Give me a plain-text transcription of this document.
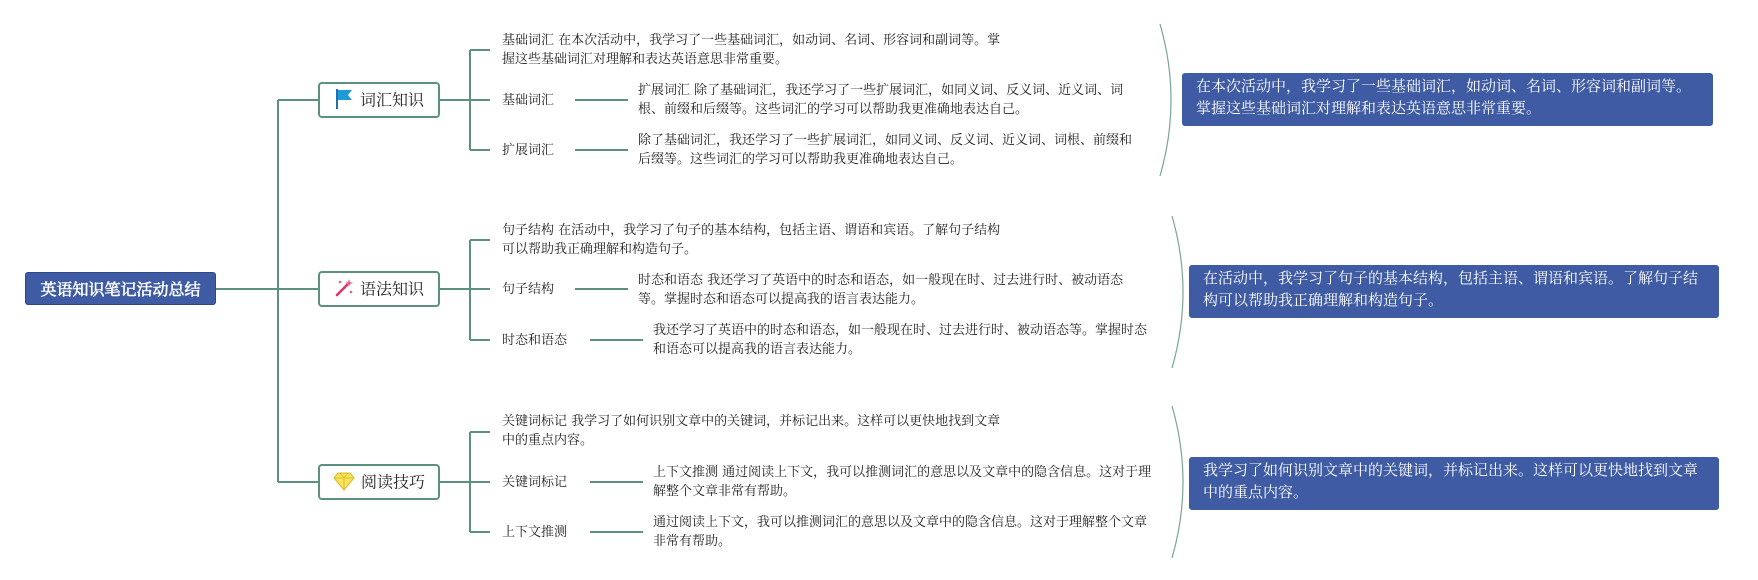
英语知识笔记活动总结
词汇知识
语法知识
阅读技巧
基础词汇 在本次活动中，我学习了一些基础词汇，如动词、名词、形容词和副词等。掌握这些基础词汇对理解和表达英语意思非常重要。
基础词汇
扩展词汇 除了基础词汇，我还学习了一些扩展词汇，如同义词、反义词、近义词、词根、前缀和后缀等。这些词汇的学习可以帮助我更准确地表达自己。
扩展词汇
除了基础词汇，我还学习了一些扩展词汇，如同义词、反义词、近义词、词根、前缀和后缀等。这些词汇的学习可以帮助我更准确地表达自己。
在本次活动中，我学习了一些基础词汇，如动词、名词、形容词和副词等。掌握这些基础词汇对理解和表达英语意思非常重要。
句子结构 在活动中，我学习了句子的基本结构，包括主语、谓语和宾语。了解句子结构可以帮助我正确理解和构造句子。
句子结构
时态和语态 我还学习了英语中的时态和语态，如一般现在时、过去进行时、被动语态等。掌握时态和语态可以提高我的语言表达能力。
时态和语态
我还学习了英语中的时态和语态，如一般现在时、过去进行时、被动语态等。掌握时态和语态可以提高我的语言表达能力。
在活动中，我学习了句子的基本结构，包括主语、谓语和宾语。了解句子结构可以帮助我正确理解和构造句子。
关键词标记 我学习了如何识别文章中的关键词，并标记出来。这样可以更快地找到文章中的重点内容。
关键词标记
上下文推测 通过阅读上下文，我可以推测词汇的意思以及文章中的隐含信息。这对于理解整个文章非常有帮助。
上下文推测
通过阅读上下文，我可以推测词汇的意思以及文章中的隐含信息。这对于理解整个文章非常有帮助。
我学习了如何识别文章中的关键词，并标记出来。这样可以更快地找到文章中的重点内容。
